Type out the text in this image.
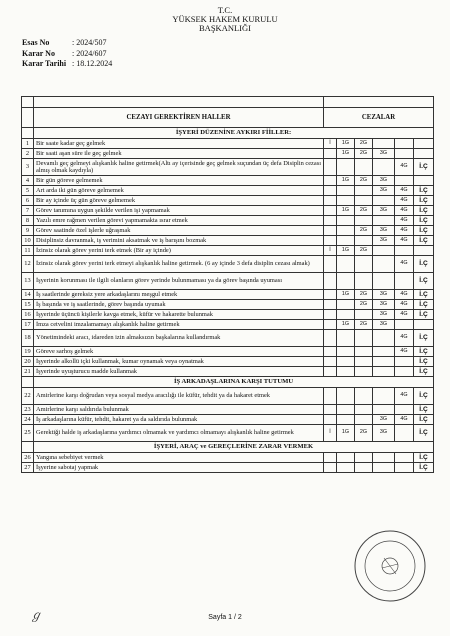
T.C.
YÜKSEK HAKEM KURULU
BAŞKANLIĞI
Esas No	: 2024/507
Karar No : 2024/607
Karar Tarihi : 18.12.2024

	CEZAYI GEREKTİREN HALLER	CEZALAR					
	İŞYERİ DÜZENİNE AYKIRI FİİLLER:						
1	Bir saate kadar geç gelmek	İ	1G	2G			
2	Bir saati aşan süre ile geç gelmek		1G	2G	3G		
3	Devamlı geç gelmeyi alışkanlık haline getirmek(Altı ay içerisinde geç gelmek suçundan üç defa Disiplin cezası almış olmak kaydıyla)					4G	İ.Ç
4	Bir gün göreve gelmemek		1G	2G	3G		
5	Art arda iki gün göreve gelmemek				3G	4G	İ.Ç
6	Bir ay içinde üç gün göreve gelmemek					4G	İ.Ç
7	Görev tanımına uygun şekilde verilen işi yapmamak		1G	2G	3G	4G	İ.Ç
8	Yazılı emre rağmen verilen görevi yapmamakta ısrar etmek					4G	İ.Ç
9	Görev saatinde özel işlerle uğraşmak			2G	3G	4G	İ.Ç
10	Disiplinsiz davranmak, iş verimini aksatmak ve iş barışını bozmak				3G	4G	İ.Ç
11	İzinsiz olarak görev yerini terk etmek (Bir ay içinde)	İ	1G	2G			
12	İzinsiz olarak görev yerini terk etmeyi alışkanlık haline getirmek. (6 ay içinde 3 defa disiplin cezası almak)					4G	İ.Ç
13	İşyerinin korunması ile ilgili olanların görev yerinde bulunmaması ya da görev başında uyuması						İ.Ç
14	İş saatlerinde gereksiz yere arkadaşlarını meşgul etmek		1G	2G	3G	4G	İ.Ç
15	İş başında ve iş saatlerinde, görev başında uyumak			2G	3G	4G	İ.Ç
16	İşyerinde üçüncü kişilerle kavga etmek, küfür ve hakarette bulunmak				3G	4G	İ.Ç
17	İmza cetvelini imzalamamayı alışkanlık haline getirmek		1G	2G	3G		
18	Yönetimindeki aracı, idareden izin almaksızın başkalarına kullandırmak					4G	İ.Ç
19	Göreve sarhoş gelmek					4G	İ.Ç
20	İşyerinde alkollü içki kullanmak, kumar oynamak veya oynatmak						İ.Ç
21	İşyerinde uyuşturucu madde kullanmak						İ.Ç
	İŞ ARKADAŞLARINA KARŞI TUTUMU						
22	Amirlerine karşı doğrudan veya sosyal medya aracılığı ile küfür, tehdit ya da hakaret etmek					4G	İ.Ç
23	Amirlerine karşı saldırıda bulunmak						İ.Ç
24	İş arkadaşlarına küfür, tehdit, hakaret ya da saldırıda bulunmak				3G	4G	İ.Ç
25	Gerektiği halde iş arkadaşlarına yardımcı olmamak ve yardımcı olmamayı alışkanlık haline getirmek	İ	1G	2G	3G		İ.Ç
	İŞYERİ, ARAÇ ve GEREÇLERİNE ZARAR VERMEK						
26	Yangına sebebiyet vermek						İ.Ç
27	İşyerine sabotaj yapmak						İ.Ç
ℊ	Sayfa 1 / 2
